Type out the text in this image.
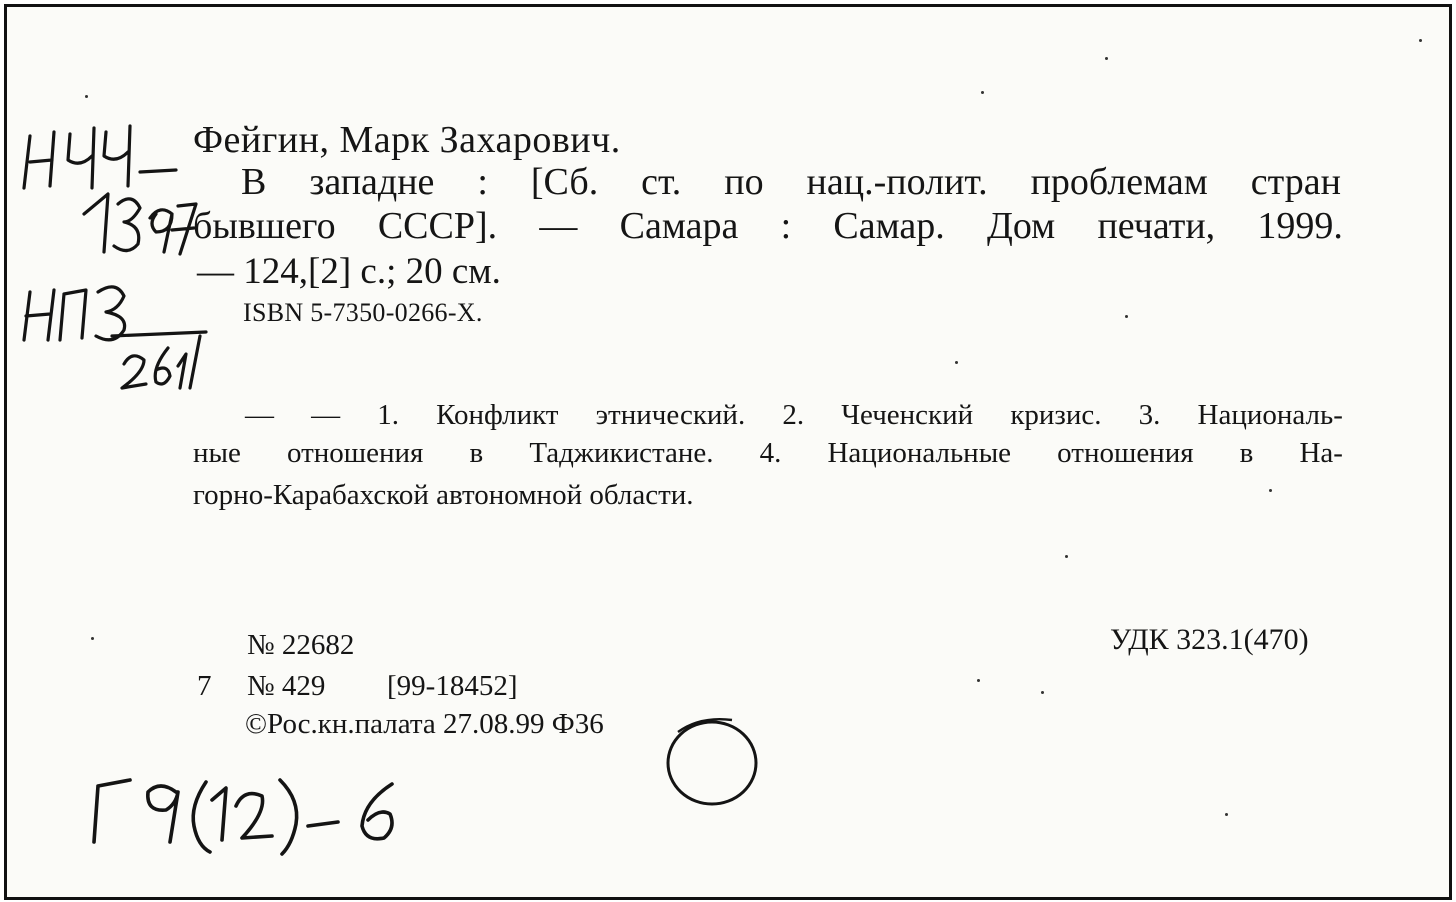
Фейгин, Марк Захарович.
В западне : [Сб. ст. по нац.-полит. проблемам стран
бывшего СССР]. — Самара : Самар. Дом печати, 1999.
— 124,[2] с.; 20 см.
ISBN 5-7350-0266-X.
— — 1. Конфликт этнический. 2. Чеченский кризис. 3. Националь-
ные отношения в Таджикистане. 4. Национальные отношения в На-
горно-Карабахской автономной области.
№ 22682	УДК 323.1(470)
7 № 429 [99-18452]
©Рос.кн.палата 27.08.99 Ф36
